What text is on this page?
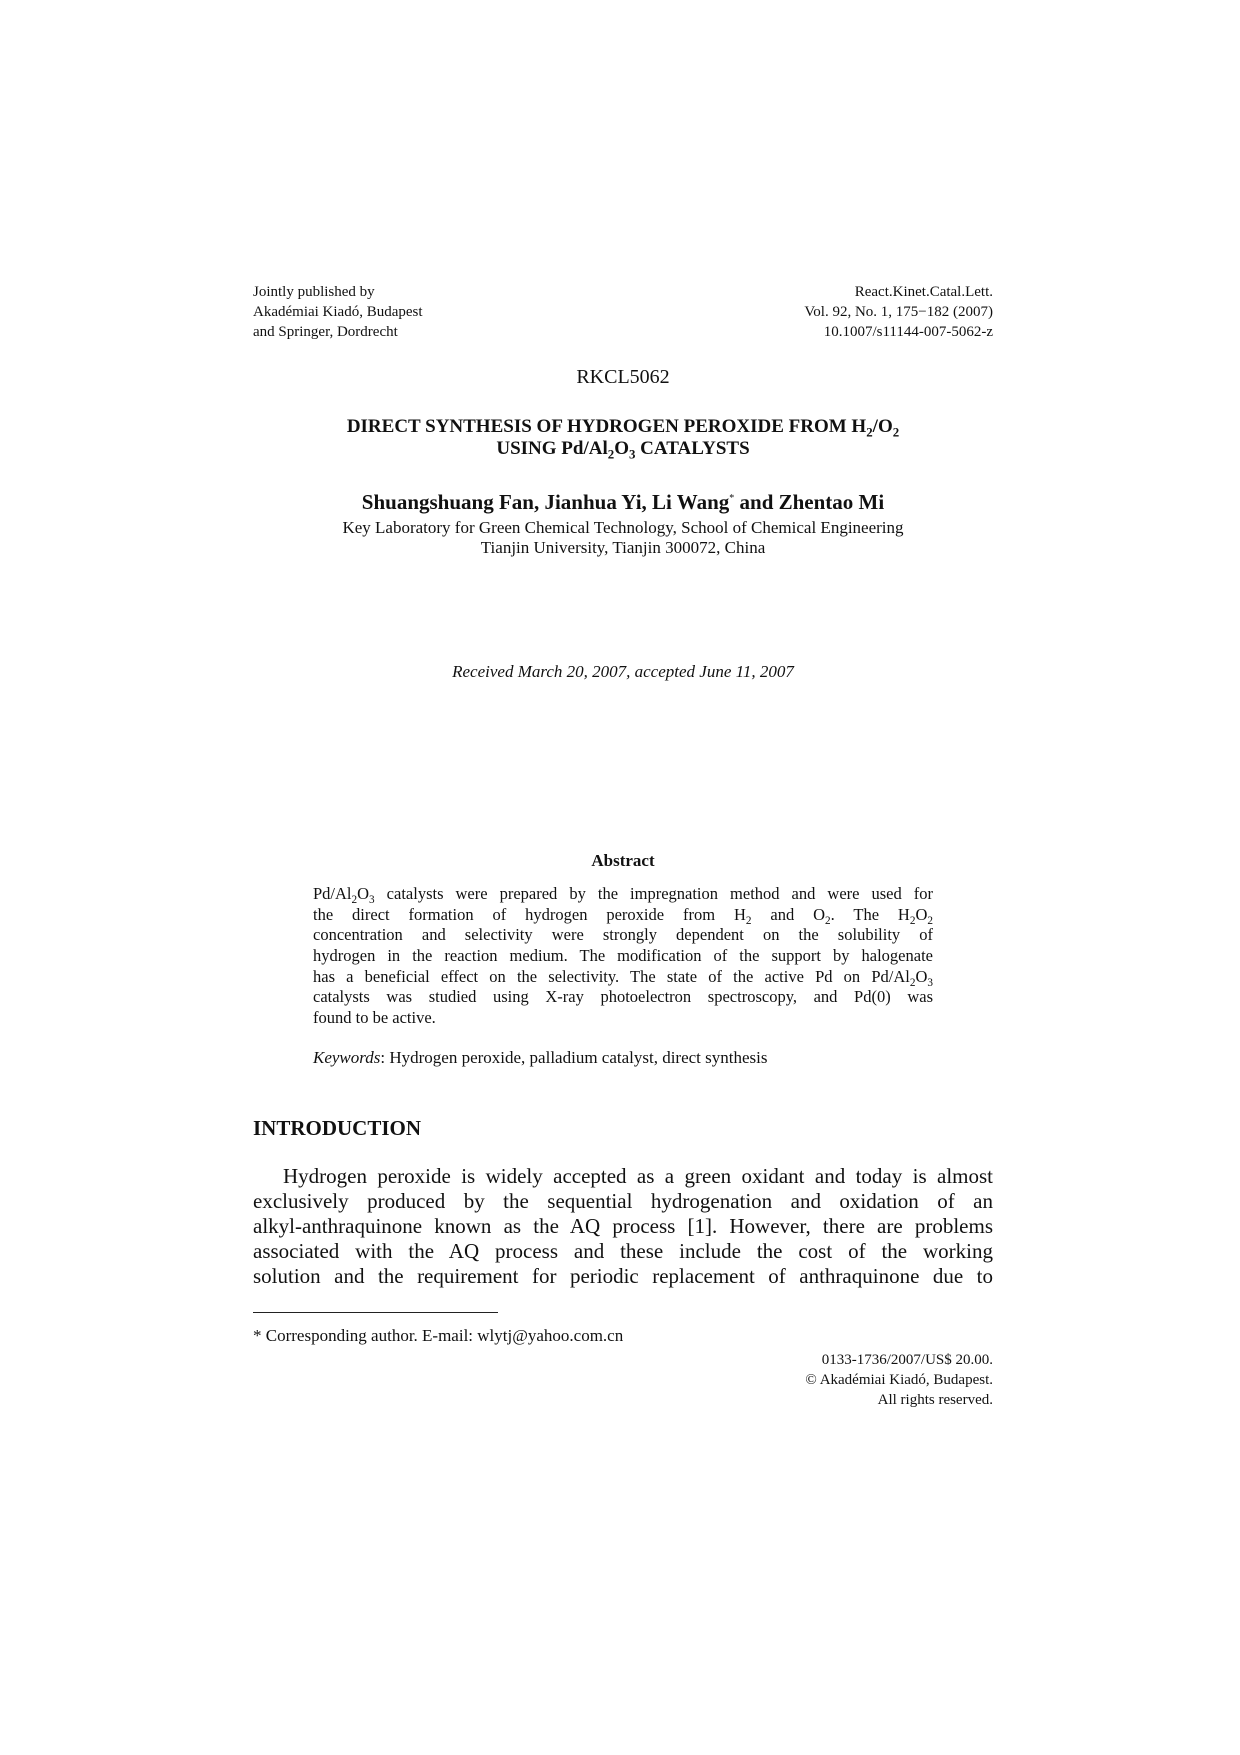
Jointly published by
Akadémiai Kiadó, Budapest
and Springer, Dordrecht
React.Kinet.Catal.Lett.
Vol. 92, No. 1, 175−182 (2007)
10.1007/s11144-007-5062-z
RKCL5062
DIRECT SYNTHESIS OF HYDROGEN PEROXIDE FROM $H_2/O_2$
USING $Pd/Al_2O_3$ CATALYSTS
Shuangshuang Fan, Jianhua Yi, Li Wang* and Zhentao Mi
Key Laboratory for Green Chemical Technology, School of Chemical Engineering
Tianjin University, Tianjin 300072, China
Received March 20, 2007, accepted June 11, 2007
Abstract
$Pd/Al_2O_3$ catalysts were prepared by the impregnation method and were used for
the direct formation of hydrogen peroxide from $H_2$ and $O_2$. The $H_2O_2$
concentration and selectivity were strongly dependent on the solubility of
hydrogen in the reaction medium. The modification of the support by halogenate
has a beneficial effect on the selectivity. The state of the active Pd on $Pd/Al_2O_3$
catalysts was studied using X-ray photoelectron spectroscopy, and Pd(0) was
found to be active.
Keywords: Hydrogen peroxide, palladium catalyst, direct synthesis
INTRODUCTION
Hydrogen peroxide is widely accepted as a green oxidant and today is almost
exclusively produced by the sequential hydrogenation and oxidation of an
alkyl-anthraquinone known as the AQ process [1]. However, there are problems
associated with the AQ process and these include the cost of the working
solution and the requirement for periodic replacement of anthraquinone due to
* Corresponding author. E-mail: wlytj@yahoo.com.cn
0133-1736/2007/US$ 20.00.
© Akadémiai Kiadó, Budapest.
All rights reserved.
